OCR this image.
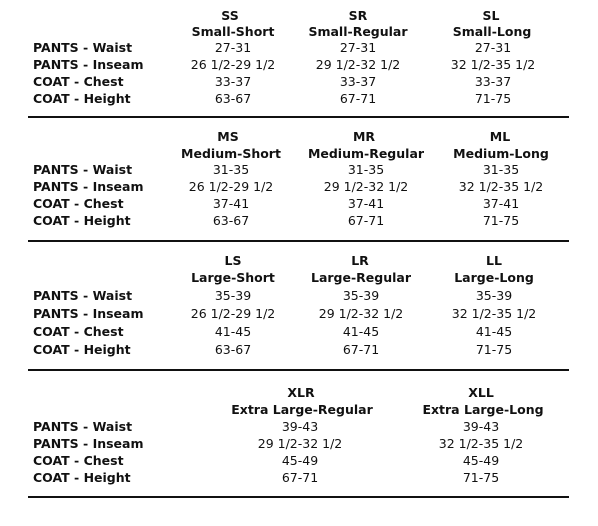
SS
Small-Short
SR
Small-Regular
SL
Small-Long
PANTS - Waist
PANTS - Inseam
COAT - Chest
COAT - Height
27-31
26 1/2-29 1/2
33-37
63-67
27-31
29 1/2-32 1/2
33-37
67-71
27-31
32 1/2-35 1/2
33-37
71-75
MS
Medium-Short
MR
Medium-Regular
ML
Medium-Long
PANTS - Waist
PANTS - Inseam
COAT - Chest
COAT - Height
31-35
26 1/2-29 1/2
37-41
63-67
31-35
29 1/2-32 1/2
37-41
67-71
31-35
32 1/2-35 1/2
37-41
71-75
LS
Large-Short
LR
Large-Regular
LL
Large-Long
PANTS - Waist
PANTS - Inseam
COAT - Chest
COAT - Height
35-39
26 1/2-29 1/2
41-45
63-67
35-39
29 1/2-32 1/2
41-45
67-71
35-39
32 1/2-35 1/2
41-45
71-75
XLR
Extra Large-Regular
XLL
Extra Large-Long
PANTS - Waist
PANTS - Inseam
COAT - Chest
COAT - Height
39-43
29 1/2-32 1/2
45-49
67-71
39-43
32 1/2-35 1/2
45-49
71-75
